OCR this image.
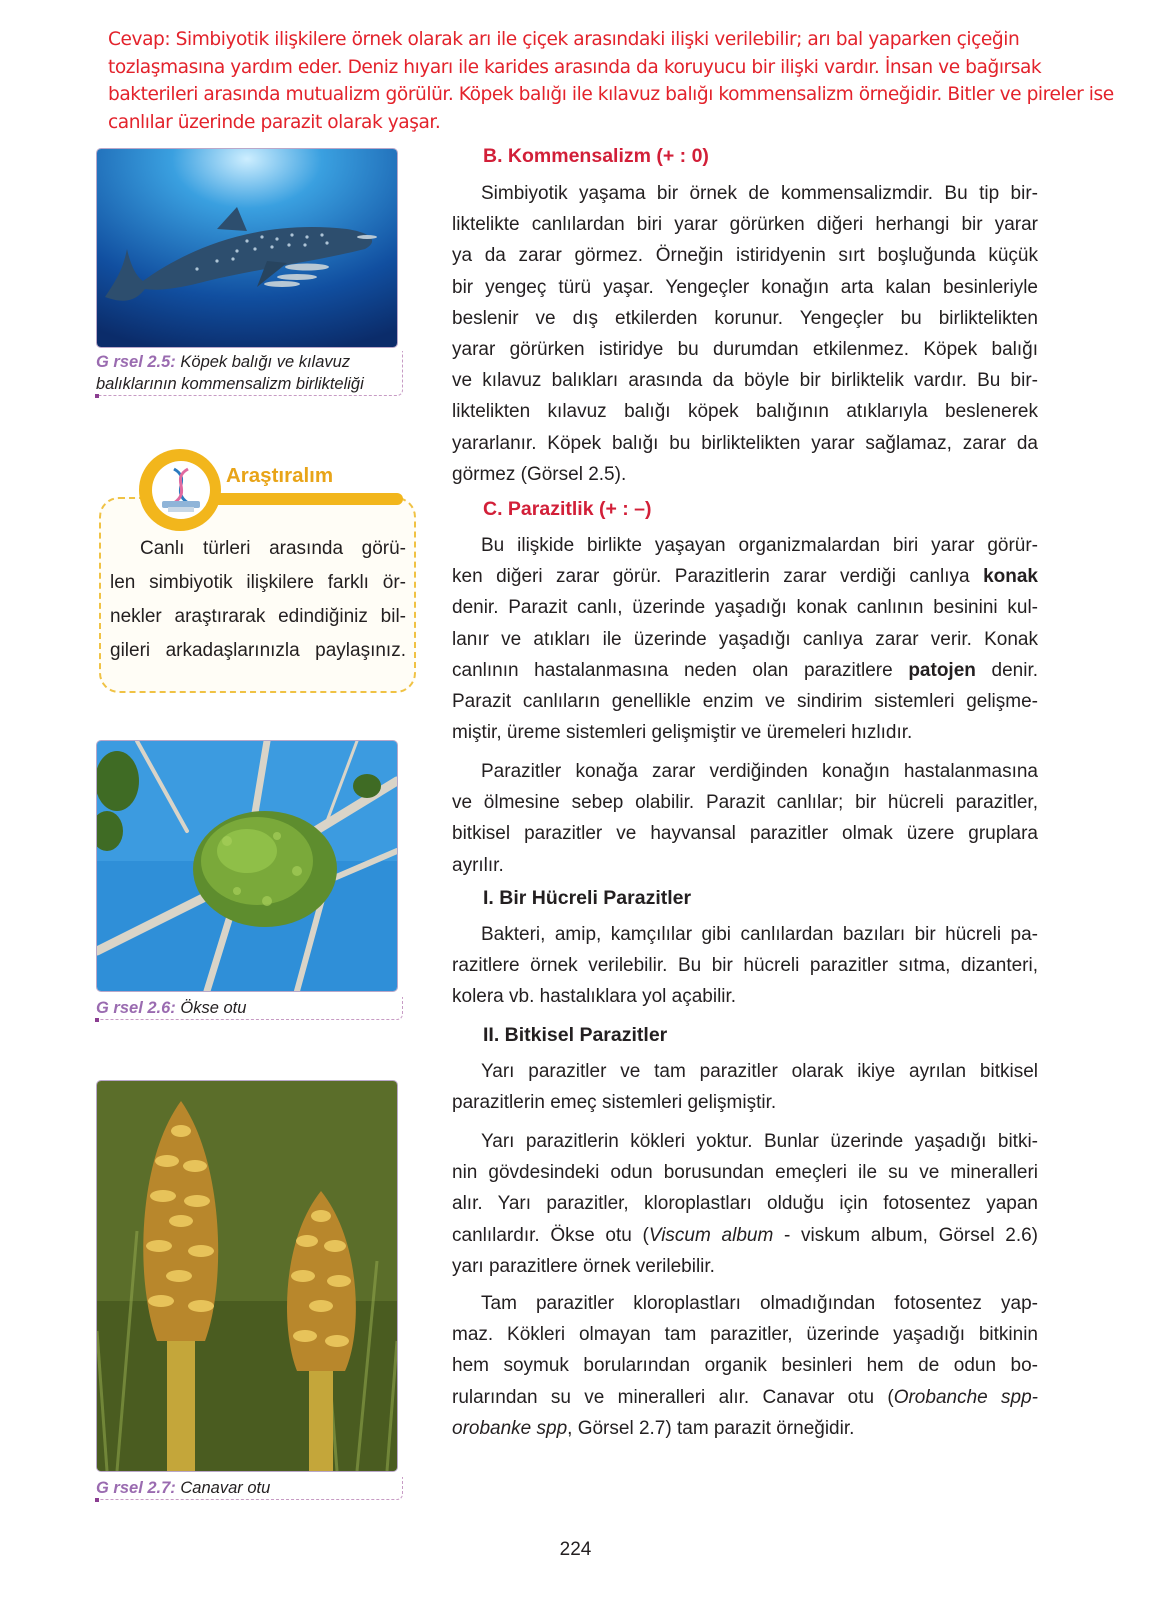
Cevap: Simbiyotik ilişkilere örnek olarak arı ile çiçek arasındaki ilişki verilebilir; arı bal yaparken çiçeğin
tozlaşmasına yardım eder. Deniz hıyarı ile karides arasında da koruyucu bir ilişki vardır. İnsan ve bağırsak
bakterileri arasında mutualizm görülür. Köpek balığı ile kılavuz balığı kommensalizm örneğidir. Bitler ve pireler ise
canlılar üzerinde parazit olarak yaşar.
G rsel 2.5: Köpek balığı ve kılavuz
balıklarının kommensalizm birlikteliği
Araştıralım
Canlı türleri arasında görü-
len simbiyotik ilişkilere farklı ör-
nekler araştırarak edindiğiniz bil-
gileri arkadaşlarınızla paylaşınız.
G rsel 2.6: Ökse otu
G rsel 2.7: Canavar otu
B. Kommensalizm (+ : 0)
Simbiyotik yaşama bir örnek de kommensalizmdir. Bu tip bir-
liktelikte canlılardan biri yarar görürken diğeri herhangi bir yarar
ya da zarar görmez. Örneğin istiridyenin sırt boşluğunda küçük
bir yengeç türü yaşar. Yengeçler konağın arta kalan besinleriyle
beslenir ve dış etkilerden korunur. Yengeçler bu birliktelikten
yarar görürken istiridye bu durumdan etkilenmez. Köpek balığı
ve kılavuz balıkları arasında da böyle bir birliktelik vardır. Bu bir-
liktelikten kılavuz balığı köpek balığının atıklarıyla beslenerek
yararlanır. Köpek balığı bu birliktelikten yarar sağlamaz, zarar da
görmez (Görsel 2.5).
C. Parazitlik (+ : –)
Bu ilişkide birlikte yaşayan organizmalardan biri yarar görür-
ken diğeri zarar görür. Parazitlerin zarar verdiği canlıya konak
denir. Parazit canlı, üzerinde yaşadığı konak canlının besinini kul-
lanır ve atıkları ile üzerinde yaşadığı canlıya zarar verir. Konak
canlının hastalanmasına neden olan parazitlere patojen denir.
Parazit canlıların genellikle enzim ve sindirim sistemleri gelişme-
miştir, üreme sistemleri gelişmiştir ve üremeleri hızlıdır.
Parazitler konağa zarar verdiğinden konağın hastalanmasına
ve ölmesine sebep olabilir. Parazit canlılar; bir hücreli parazitler,
bitkisel parazitler ve hayvansal parazitler olmak üzere gruplara
ayrılır.
I. Bir Hücreli Parazitler
Bakteri, amip, kamçılılar gibi canlılardan bazıları bir hücreli pa-
razitlere örnek verilebilir. Bu bir hücreli parazitler sıtma, dizanteri,
kolera vb. hastalıklara yol açabilir.
II. Bitkisel Parazitler
Yarı parazitler ve tam parazitler olarak ikiye ayrılan bitkisel
parazitlerin emeç sistemleri gelişmiştir.
Yarı parazitlerin kökleri yoktur. Bunlar üzerinde yaşadığı bitki-
nin gövdesindeki odun borusundan emeçleri ile su ve mineralleri
alır. Yarı parazitler, kloroplastları olduğu için fotosentez yapan
canlılardır. Ökse otu (Viscum album - viskum album, Görsel 2.6)
yarı parazitlere örnek verilebilir.
Tam parazitler kloroplastları olmadığından fotosentez yap-
maz. Kökleri olmayan tam parazitler, üzerinde yaşadığı bitkinin
hem soymuk borularından organik besinleri hem de odun bo-
rularından su ve mineralleri alır. Canavar otu (Orobanche spp-
orobanke spp, Görsel 2.7) tam parazit örneğidir.
224
